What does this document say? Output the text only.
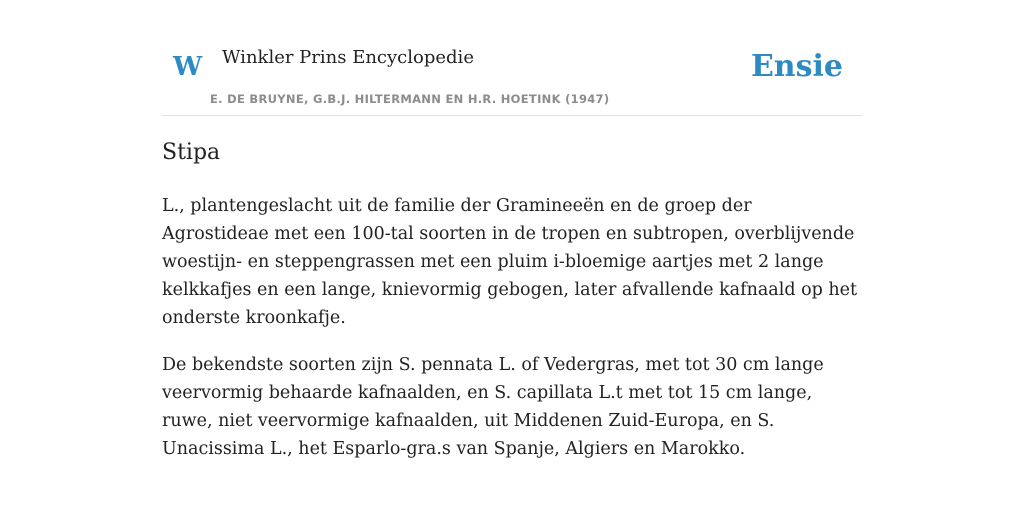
W Winkler Prins Encyclopedie
E. DE BRUYNE, G.B.J. HILTERMANN EN H.R. HOETINK (1947)
Ensie
Stipa

L., plantengeslacht uit de familie der Gramineeën en de groep der Agrostideae met een 100-tal soorten in de tropen en subtropen, overblijvende woestijn- en steppengrassen met een pluim i-bloemige aartjes met 2 lange kelkkafjes en een lange, knievormig gebogen, later afvallende kafnaald op het onderste kroonkafje.

De bekendste soorten zijn S. pennata L. of Vedergras, met tot 30 cm lange veervormig behaarde kafnaalden, en S. capillata L.t met tot 15 cm lange, ruwe, niet veervormige kafnaalden, uit Middenen Zuid-Europa, en S. Unacissima L., het Esparlo-gra.s van Spanje, Algiers en Marokko.
